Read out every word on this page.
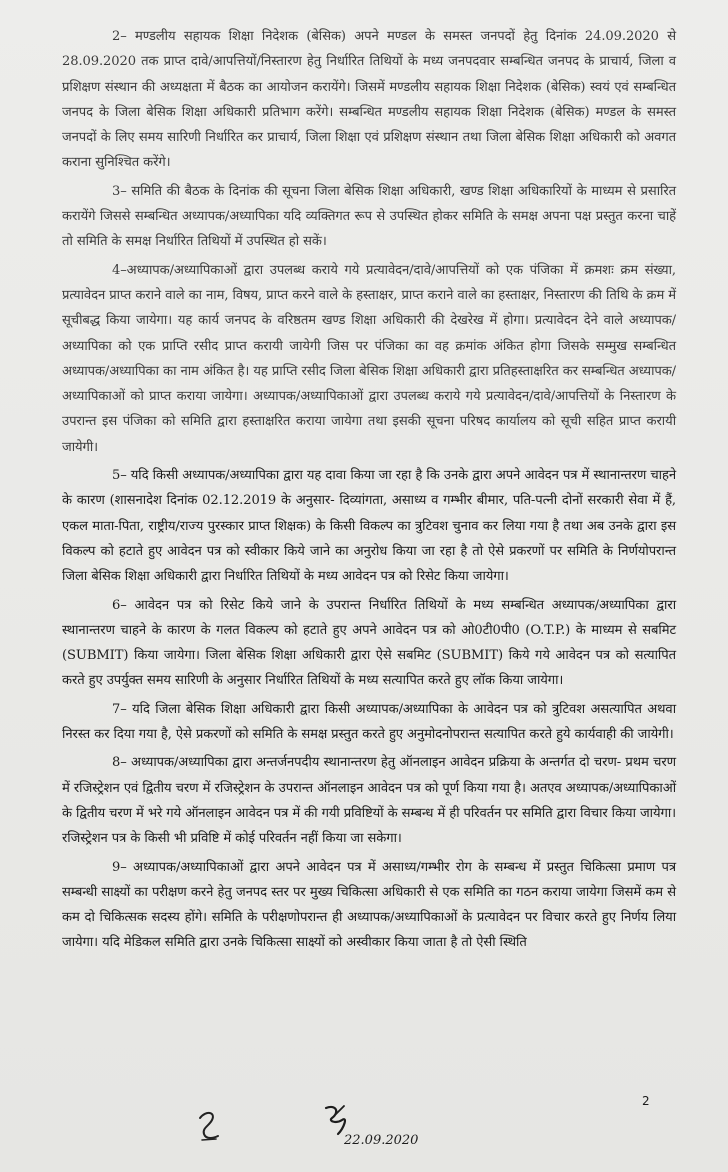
2– मण्डलीय सहायक शिक्षा निदेशक (बेसिक) अपने मण्डल के समस्त जनपदों हेतु दिनांक 24.09.2020 से 28.09.2020 तक प्राप्त दावे/आपत्तियों/निस्तारण हेतु निर्धारित तिथियों के मध्य जनपदवार सम्बन्धित जनपद के प्राचार्य, जिला व प्रशिक्षण संस्थान की अध्यक्षता में बैठक का आयोजन करायेंगे। जिसमें मण्डलीय सहायक शिक्षा निदेशक (बेसिक) स्वयं एवं सम्बन्धित जनपद के जिला बेसिक शिक्षा अधिकारी प्रतिभाग करेंगे। सम्बन्धित मण्डलीय सहायक शिक्षा निदेशक (बेसिक) मण्डल के समस्त जनपदों के लिए समय सारिणी निर्धारित कर प्राचार्य, जिला शिक्षा एवं प्रशिक्षण संस्थान तथा जिला बेसिक शिक्षा अधिकारी को अवगत कराना सुनिश्चित करेंगे।

3– समिति की बैठक के दिनांक की सूचना जिला बेसिक शिक्षा अधिकारी, खण्ड शिक्षा अधिकारियों के माध्यम से प्रसारित करायेंगे जिससे सम्बन्धित अध्यापक/अध्यापिका यदि व्यक्तिगत रूप से उपस्थित होकर समिति के समक्ष अपना पक्ष प्रस्तुत करना चाहें तो समिति के समक्ष निर्धारित तिथियों में उपस्थित हो सकें।

4–अध्यापक/अध्यापिकाओं द्वारा उपलब्ध कराये गये प्रत्यावेदन/दावे/आपत्तियों को एक पंजिका में क्रमशः क्रम संख्या, प्रत्यावेदन प्राप्त कराने वाले का नाम, विषय, प्राप्त करने वाले के हस्ताक्षर, प्राप्त कराने वाले का हस्ताक्षर, निस्तारण की तिथि के क्रम में सूचीबद्ध किया जायेगा। यह कार्य जनपद के वरिष्ठतम खण्ड शिक्षा अधिकारी की देखरेख में होगा। प्रत्यावेदन देने वाले अध्यापक/अध्यापिका को एक प्राप्ति रसीद प्राप्त करायी जायेगी जिस पर पंजिका का वह क्रमांक अंकित होगा जिसके सम्मुख सम्बन्धित अध्यापक/अध्यापिका का नाम अंकित है। यह प्राप्ति रसीद जिला बेसिक शिक्षा अधिकारी द्वारा प्रतिहस्ताक्षरित कर सम्बन्धित अध्यापक/अध्यापिकाओं को प्राप्त कराया जायेगा। अध्यापक/अध्यापिकाओं द्वारा उपलब्ध कराये गये प्रत्यावेदन/दावे/आपत्तियों के निस्तारण के उपरान्त इस पंजिका को समिति द्वारा हस्ताक्षरित कराया जायेगा तथा इसकी सूचना परिषद कार्यालय को सूची सहित प्राप्त करायी जायेगी।

5– यदि किसी अध्यापक/अध्यापिका द्वारा यह दावा किया जा रहा है कि उनके द्वारा अपने आवेदन पत्र में स्थानान्तरण चाहने के कारण (शासनादेश दिनांक 02.12.2019 के अनुसार- दिव्यांगता, असाध्य व गम्भीर बीमार, पति-पत्नी दोनों सरकारी सेवा में हैं, एकल माता-पिता, राष्ट्रीय/राज्य पुरस्कार प्राप्त शिक्षक) के किसी विकल्प का त्रुटिवश चुनाव कर लिया गया है तथा अब उनके द्वारा इस विकल्प को हटाते हुए आवेदन पत्र को स्वीकार किये जाने का अनुरोध किया जा रहा है तो ऐसे प्रकरणों पर समिति के निर्णयोपरान्त जिला बेसिक शिक्षा अधिकारी द्वारा निर्धारित तिथियों के मध्य आवेदन पत्र को रिसेट किया जायेगा।

6– आवेदन पत्र को रिसेट किये जाने के उपरान्त निर्धारित तिथियों के मध्य सम्बन्धित अध्यापक/अध्यापिका द्वारा स्थानान्तरण चाहने के कारण के गलत विकल्प को हटाते हुए अपने आवेदन पत्र को ओ0टी0पी0 (O.T.P.) के माध्यम से सबमिट (SUBMIT) किया जायेगा। जिला बेसिक शिक्षा अधिकारी द्वारा ऐसे सबमिट (SUBMIT) किये गये आवेदन पत्र को सत्यापित करते हुए उपर्युक्त समय सारिणी के अनुसार निर्धारित तिथियों के मध्य सत्यापित करते हुए लॉक किया जायेगा।

7– यदि जिला बेसिक शिक्षा अधिकारी द्वारा किसी अध्यापक/अध्यापिका के आवेदन पत्र को त्रुटिवश असत्यापित अथवा निरस्त कर दिया गया है, ऐसे प्रकरणों को समिति के समक्ष प्रस्तुत करते हुए अनुमोदनोपरान्त सत्यापित करते हुये कार्यवाही की जायेगी।

8– अध्यापक/अध्यापिका द्वारा अन्तर्जनपदीय स्थानान्तरण हेतु ऑनलाइन आवेदन प्रक्रिया के अन्तर्गत दो चरण- प्रथम चरण में रजिस्ट्रेशन एवं द्वितीय चरण में रजिस्ट्रेशन के उपरान्त ऑनलाइन आवेदन पत्र को पूर्ण किया गया है। अतएव अध्यापक/अध्यापिकाओं के द्वितीय चरण में भरे गये ऑनलाइन आवेदन पत्र में की गयी प्रविष्टियों के सम्बन्ध में ही परिवर्तन पर समिति द्वारा विचार किया जायेगा। रजिस्ट्रेशन पत्र के किसी भी प्रविष्टि में कोई परिवर्तन नहीं किया जा सकेगा।

9– अध्यापक/अध्यापिकाओं द्वारा अपने आवेदन पत्र में असाध्य/गम्भीर रोग के सम्बन्ध में प्रस्तुत चिकित्सा प्रमाण पत्र सम्बन्धी साक्ष्यों का परीक्षण करने हेतु जनपद स्तर पर मुख्य चिकित्सा अधिकारी से एक समिति का गठन कराया जायेगा जिसमें कम से कम दो चिकित्सक सदस्य होंगे। समिति के परीक्षणोपरान्त ही अध्यापक/अध्यापिकाओं के प्रत्यावेदन पर विचार करते हुए निर्णय लिया जायेगा। यदि मेडिकल समिति द्वारा उनके चिकित्सा साक्ष्यों को अस्वीकार किया जाता है तो ऐसी स्थिति

22.09.2020
2
